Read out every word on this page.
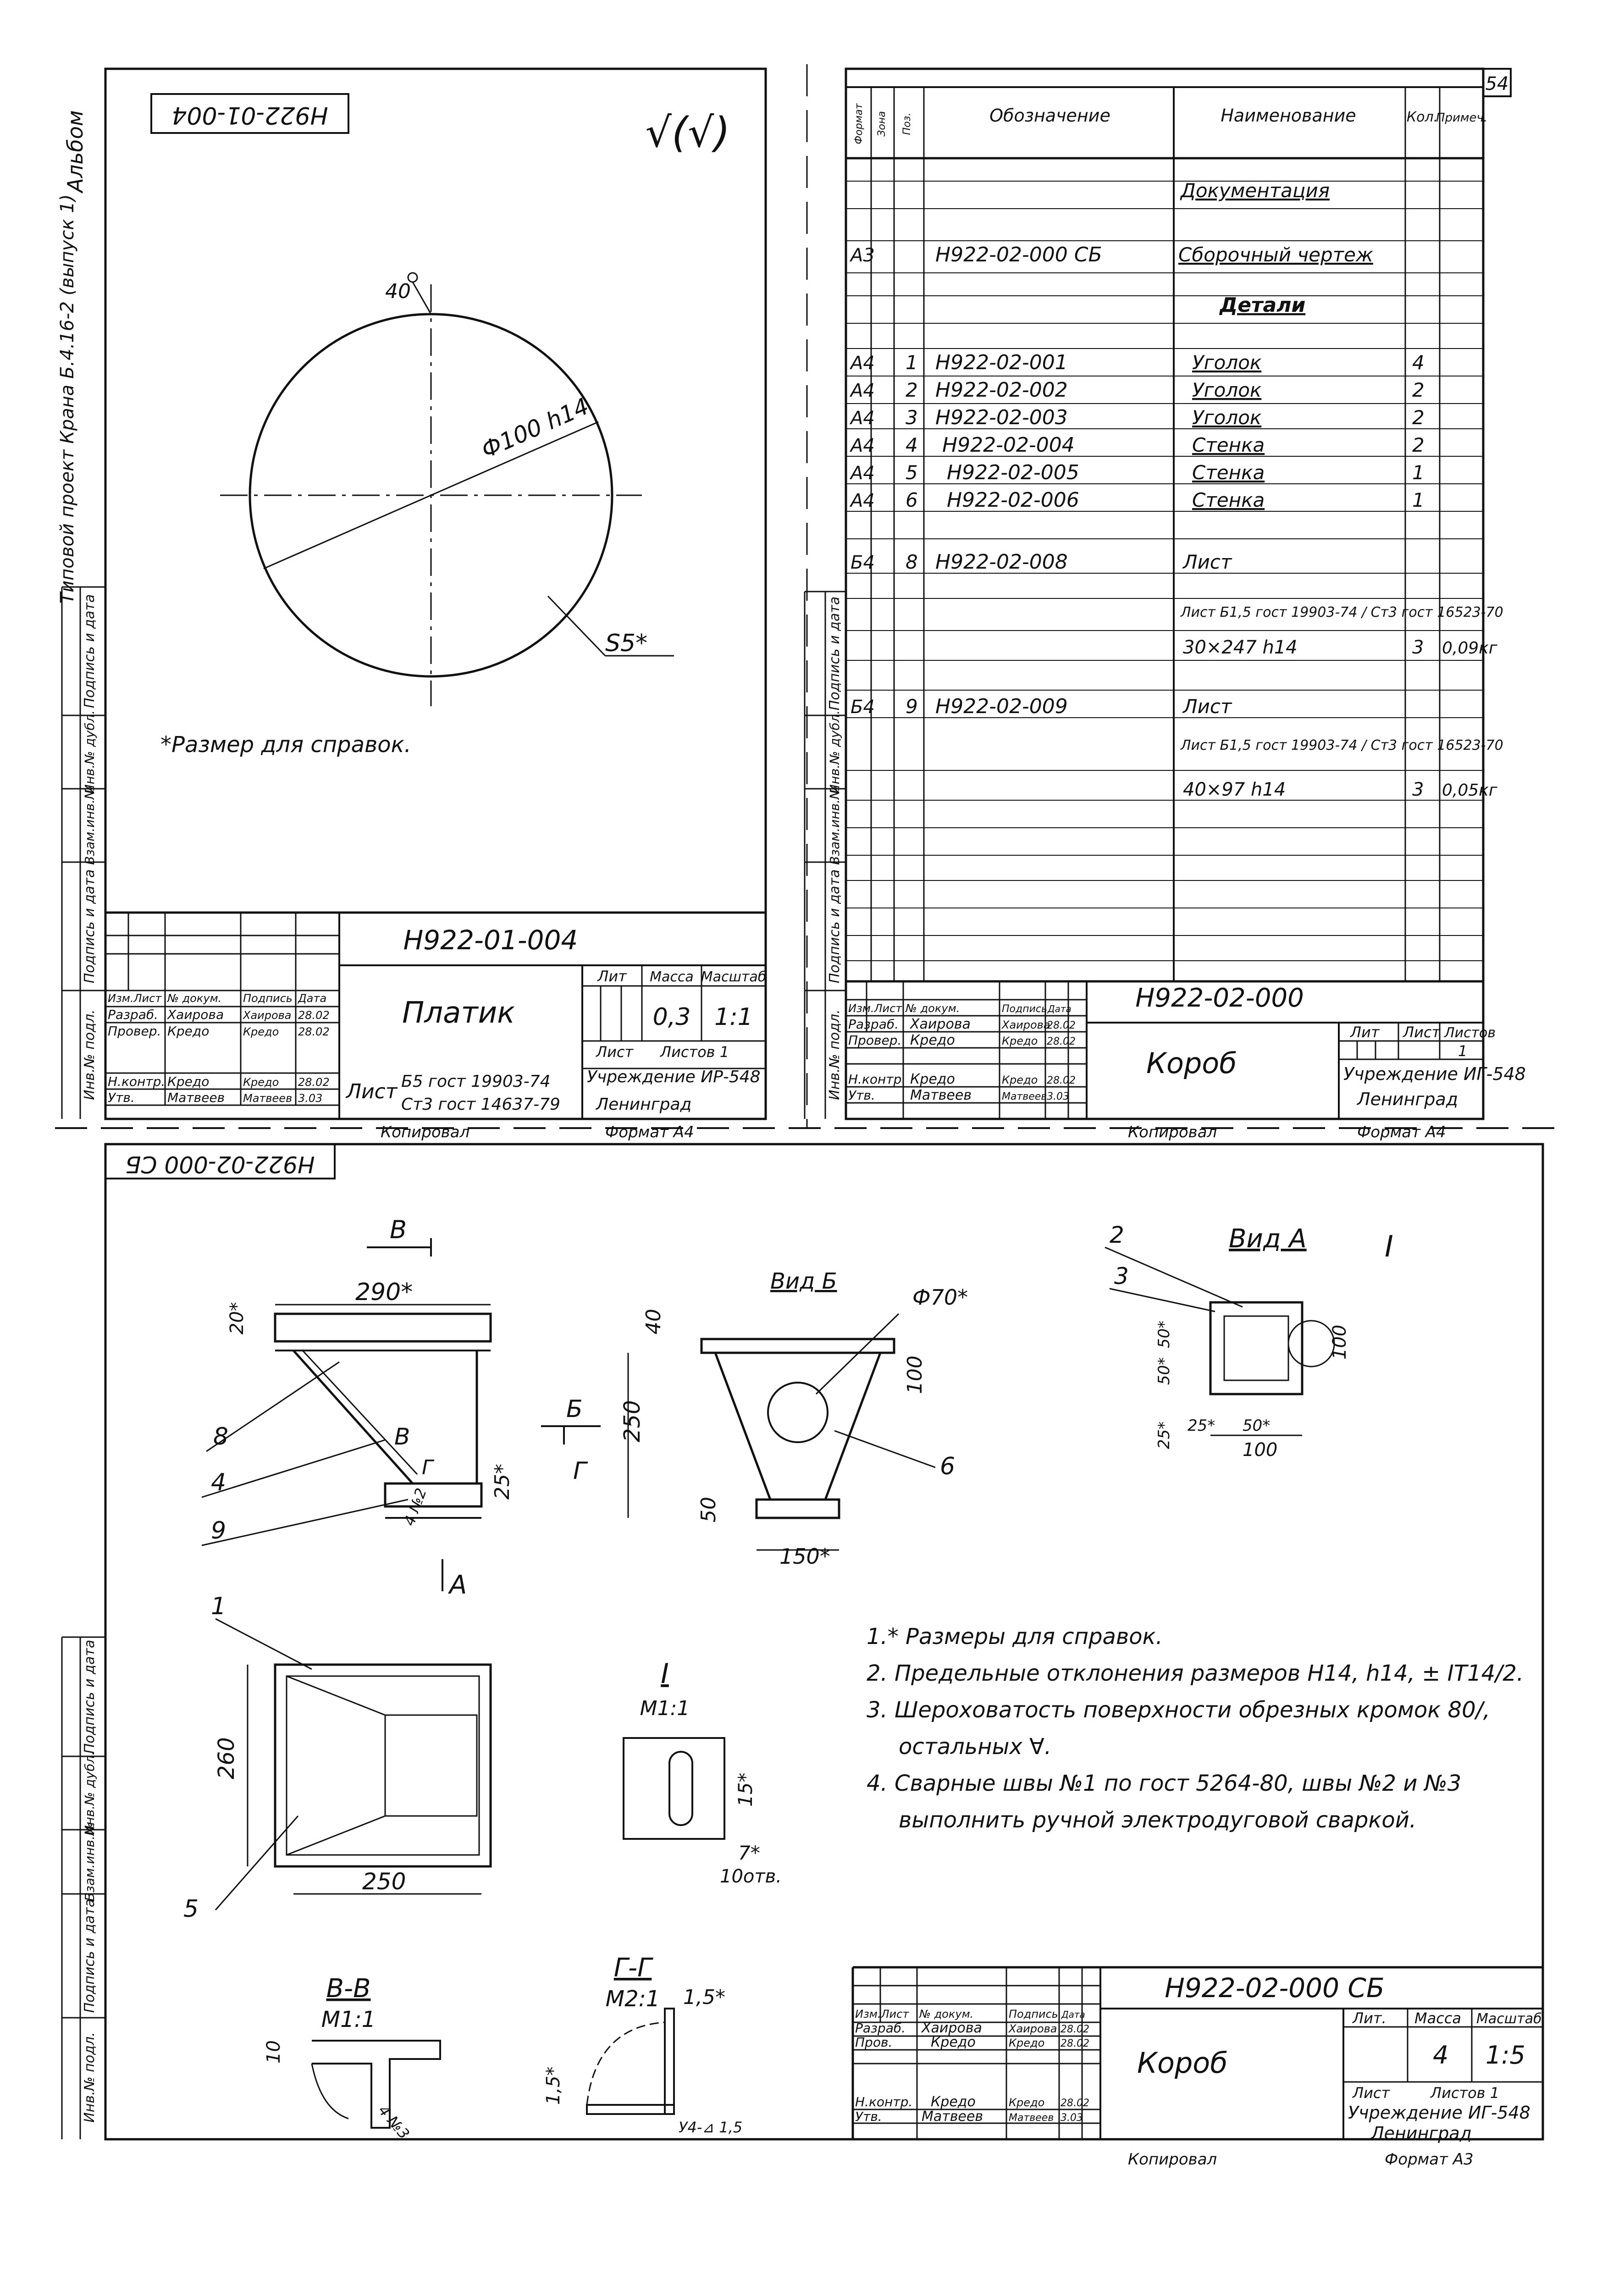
Н922-01-004	√(√)
Подпись и дата
Инв.№ дубл.
Взам.инв.№
Подпись и дата
Инв.№ подл.
Альбом
Типовой проект Крана Б.4.16-2 (выпуск 1)	Ф100 h14
40
S5*
*Размер для справок.
Н922-01-004
Платик
Лит Масса Масштаб
0,3 1:1
Лист Листов 1
Лист Б5 гост 19903-74
Ст3 гост 14637-79
Учреждение ИР-548
Ленинград
Копировал	Формат А4
Изм.Лист № докум. Подпись Дата
Разраб. Хаирова Хаирова 28.02
Провер. Кредо	Кредо 28.02
Н.контр. Кредо	Кредо 28.02
Утв.	Матвеев Матвеев 3.03
54
Подпись и дата
Инв.№ дубл.
Взам.инв.№
Подпись и дата
Инв.№ подл.
Формат Зона Поз.	Обозначение	Наименование	Кол.
Примеч.
Документация
А3	Н922-02-000 СБ	Сборочный чертеж
Детали
А4 1 Н922-02-001	Уголок	4
А4 2 Н922-02-002	Уголок	2
А4 3 Н922-02-003	Уголок	2
А4 4 Н922-02-004	Стенка	2
А4 5 Н922-02-005	Стенка	1
А4 6 Н922-02-006	Стенка	1
Б4 8 Н922-02-008	Лист
Лист Б1,5 гост 19903-74 / Ст3 гост 16523-70
30×247 h14	3 0,09кг
Б4 9 Н922-02-009	Лист
Лист Б1,5 гост 19903-74 / Ст3 гост 16523-70
40×97 h14	3 0,05кг
Н922-02-000
Короб
Лит Лист Листов
1
Учреждение ИГ-548
Ленинград
Копировал	Формат А4
Изм.Лист № докум.	Подпись Дата
Разраб. Хаирова	Хаирова
28.02
Провер. Кредо	Кредо 28.02
Н.контр. Кредо	Кредо 28.02
Утв.	Матвеев	Матвеев 3.03
Н922-02-000 СБ
Подпись и дата
Инв.№ дубл.
Взам.инв.№
Подпись и дата
Инв.№ подл.
В
290*
20*
25*
4 №2
А
В
Г
Б
Г
8
4
9
Вид Б
250
40
100
50
150*
Ф70*
6
Вид А	I
100
50*
50*
25* 25* 50*
100
2
3
260
250
1
5
I
М1:1
15*
7*
10отв.
1.* Размеры для справок.
2. Предельные отклонения размеров Н14, h14, ± IT14/2.
3. Шероховатость поверхности обрезных кромок 80/,
остальных ∀.
4. Сварные швы №1 по гост 5264-80, швы №2 и №3
выполнить ручной электродуговой сваркой.
В-В
М1:1
10
4 №3
Г-Г
М2:1 1,5*
1,5*
У4-⊿ 1,5
Н922-02-000 СБ
Короб
Лит. Масса Масштаб
4 1:5
Лист	Листов 1
Учреждение ИГ-548
Ленинград
Копировал	Формат А3
Изм.Лист № докум.	Подпись Дата
Разраб. Хаирова Хаирова 28.02
Пров.	Кредо	Кредо 28.02
Н.контр. Кредо	Кредо 28.02
Утв.	Матвеев	Матвеев 3.03
